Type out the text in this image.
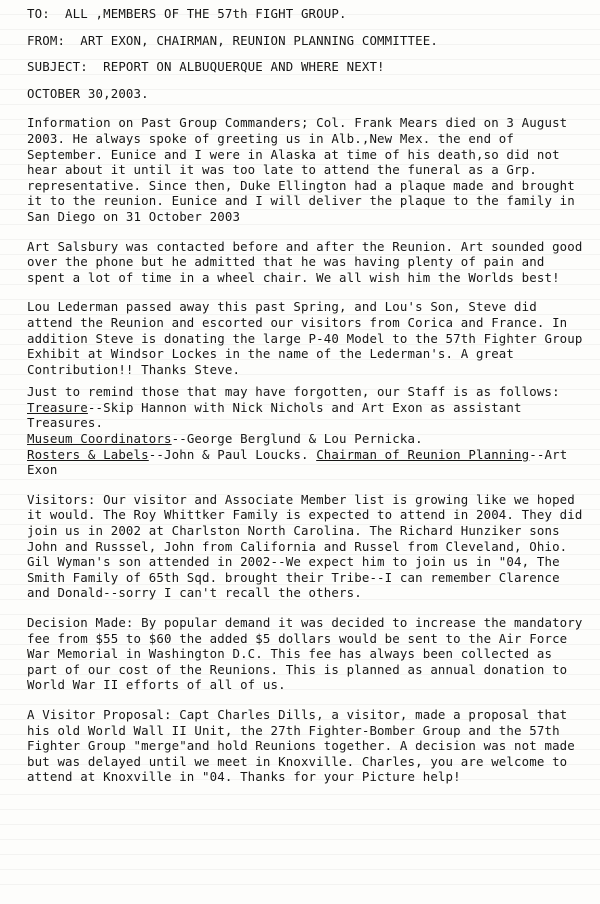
TO:  ALL ,MEMBERS OF THE 57th FIGHT GROUP.

FROM:  ART EXON, CHAIRMAN, REUNION PLANNING COMMITTEE.

SUBJECT:  REPORT ON ALBUQUERQUE AND WHERE NEXT!

OCTOBER 30,2003.

Information on Past Group Commanders; Col. Frank Mears died on 3 August 2003. He always spoke of greeting us in Alb.,New Mex. the end of September. Eunice and I were in Alaska at time of his death,so did not hear about it until it was too late to attend the funeral as a Grp. representative. Since then, Duke Ellington had a plaque made and brought it to the reunion. Eunice and I will deliver the plaque to the family in San Diego on 31 October 2003

Art Salsbury was contacted before and after the Reunion. Art sounded good over the phone but he admitted that he was having plenty of pain and spent a lot of time in a wheel chair. We all wish him the Worlds best!

Lou Lederman passed away this past Spring, and Lou's Son, Steve did attend the Reunion and escorted our visitors from Corica and France. In addition Steve is donating the large P-40 Model to the 57th Fighter Group Exhibit at Windsor Lockes in the name of the Lederman's. A great Contribution!! Thanks Steve.

Just to remind those that may have forgotten, our Staff is as follows: Treasure--Skip Hannon with Nick Nichols and Art Exon as assistant Treasures.
Museum Coordinators--George Berglund & Lou Pernicka.
Rosters & Labels--John & Paul Loucks. Chairman of Reunion Planning--Art Exon

Visitors: Our visitor and Associate Member list is growing like we hoped it would. The Roy Whittker Family is expected to attend in 2004. They did join us in 2002 at Charlston North Carolina. The Richard Hunziker sons John and Russsel, John from California and Russel from Cleveland, Ohio. Gil Wyman's son attended in 2002--We expect him to join us in "04, The Smith Family of 65th Sqd. brought their Tribe--I can remember Clarence and Donald--sorry I can't recall the others.

Decision Made: By popular demand it was decided to increase the mandatory fee from $55 to $60 the added $5 dollars would be sent to the Air Force War Memorial in Washington D.C. This fee has always been collected as part of our cost of the Reunions. This is planned as annual donation to World War II efforts of all of us.

A Visitor Proposal: Capt Charles Dills, a visitor, made a proposal that his old World Wall II Unit, the 27th Fighter-Bomber Group and the 57th Fighter Group "merge"and hold Reunions together. A decision was not made but was delayed until we meet in Knoxville. Charles, you are welcome to attend at Knoxville in "04. Thanks for your Picture help!
